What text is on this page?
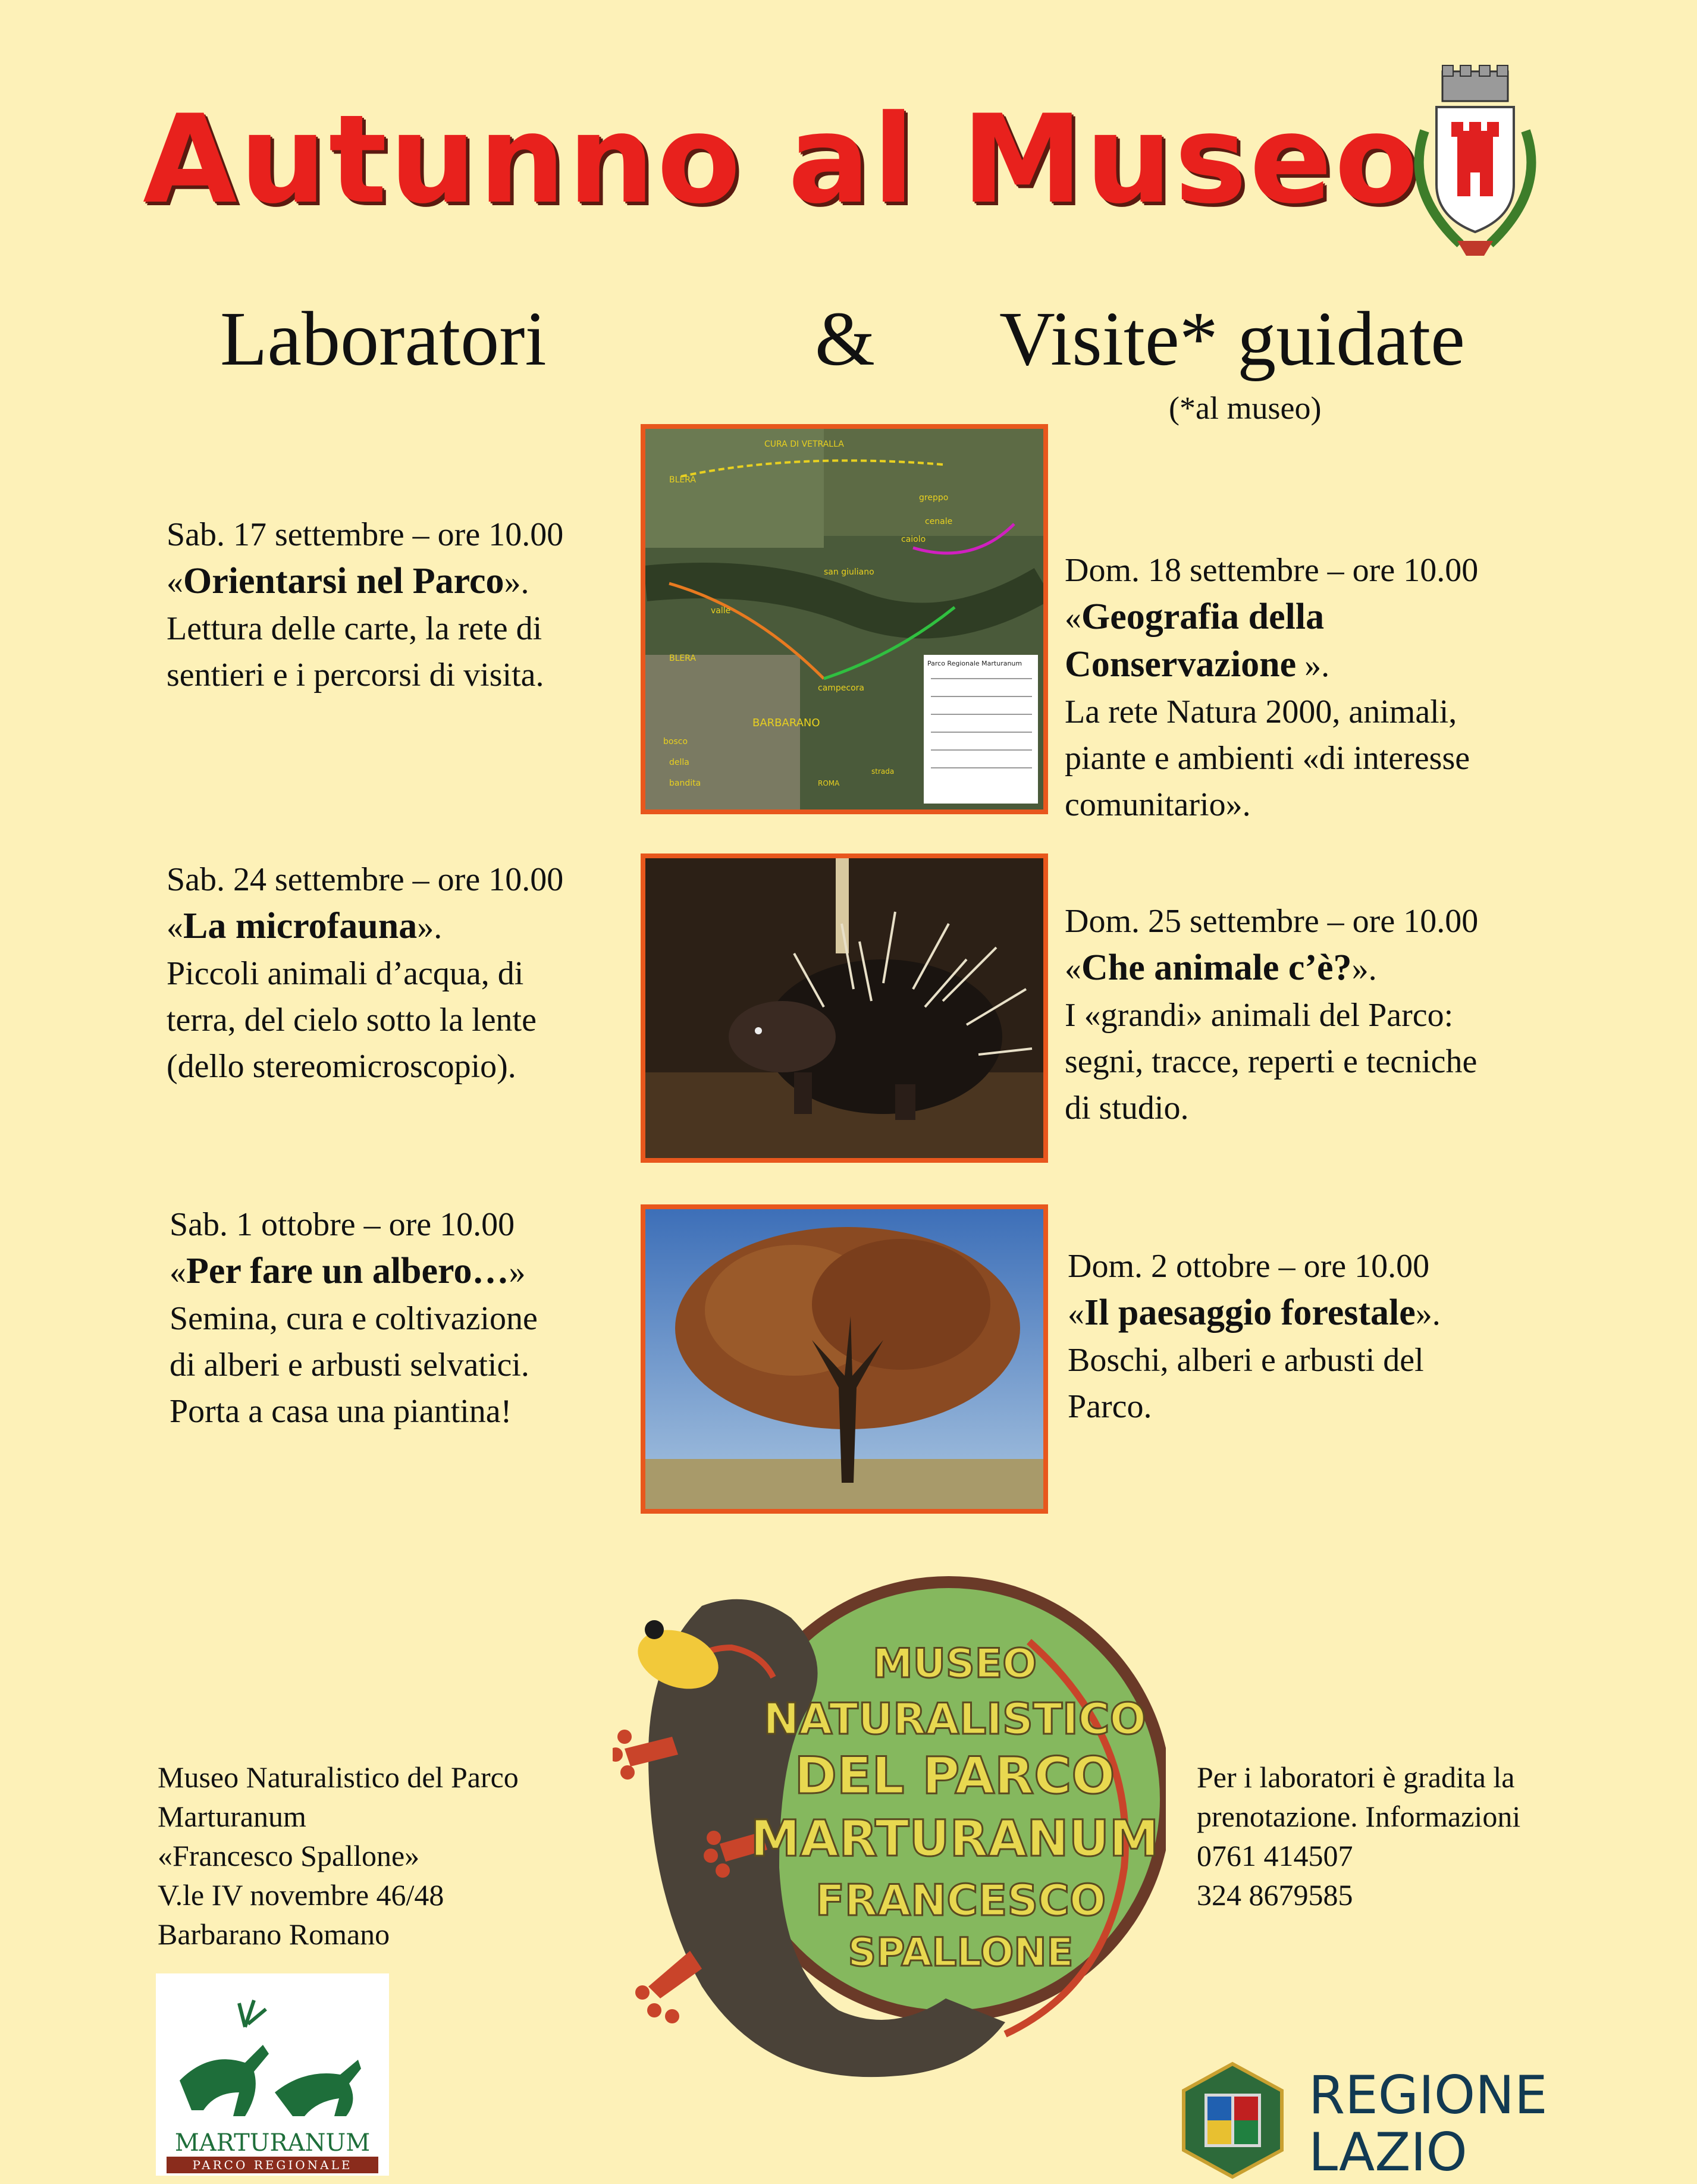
Autunno al Museo
Laboratori	& Visite* guidate
(*al museo)
Sab. 17 settembre – ore 10.00
«Orientarsi nel Parco».
Lettura delle carte, la rete di
sentieri e i percorsi di visita.
Sab. 24 settembre – ore 10.00
«La microfauna».
Piccoli animali d’acqua, di
terra, del cielo sotto la lente
(dello stereomicroscopio).
Sab. 1 ottobre – ore 10.00
«Per fare un albero…»
Semina, cura e coltivazione
di alberi e arbusti selvatici.
Porta a casa una piantina!
Dom. 18 settembre – ore 10.00
«Geografia della
Conservazione ».
La rete Natura 2000, animali,
piante e ambienti «di interesse
comunitario».
Dom. 25 settembre – ore 10.00
«Che animale c’è?».
I «grandi» animali del Parco:
segni, tracce, reperti e tecniche
di studio.
Dom. 2 ottobre – ore 10.00
«Il paesaggio forestale».
Boschi, alberi e arbusti del
Parco.
CURA DI VETRALLA
BLERA
greppo
cenale
caiolo
san giuliano
valle
BLERA
BARBARANO
campecora
bosco
della
bandita	ROMA
strada
Parco Regionale Marturanum
MUSEO
NATURALISTICO
DEL PARCO
MARTURANUM
FRANCESCO
SPALLONE
Museo Naturalistico del Parco
Marturanum
«Francesco Spallone»
V.le IV novembre 46/48
Barbarano Romano
Per i laboratori è gradita la
prenotazione. Informazioni
0761 414507
324 8679585
MARTURANUM
PARCO REGIONALE
REGIONE
LAZIO
